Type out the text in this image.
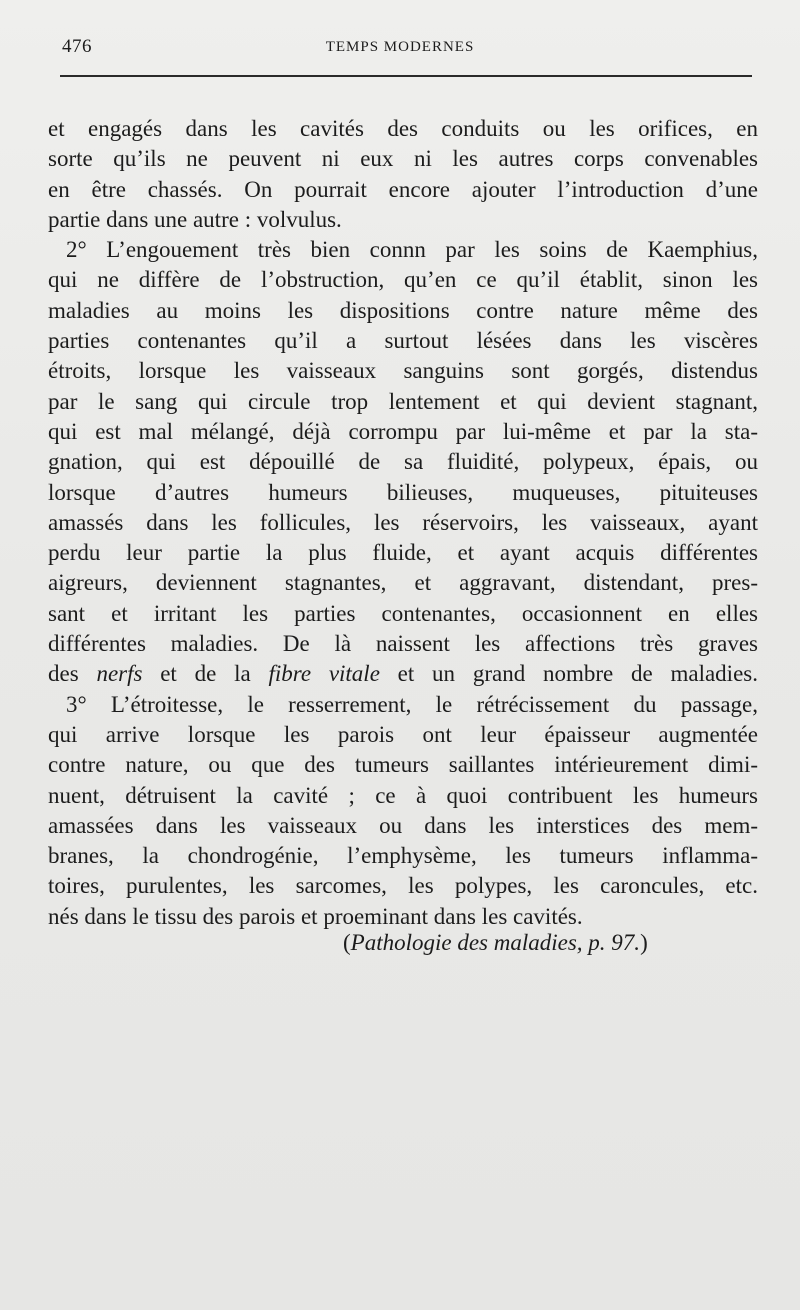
476	TEMPS MODERNES
et engagés dans les cavités des conduits ou les orifices, en
sorte qu’ils ne peuvent ni eux ni les autres corps convenables
en être chassés. On pourrait encore ajouter l’introduction d’une
partie dans une autre : volvulus.
2° L’engouement très bien connn par les soins de Kaemphius,
qui ne diffère de l’obstruction, qu’en ce qu’il établit, sinon les
maladies au moins les dispositions contre nature même des
parties contenantes qu’il a surtout lésées dans les viscères
étroits, lorsque les vaisseaux sanguins sont gorgés, distendus
par le sang qui circule trop lentement et qui devient stagnant,
qui est mal mélangé, déjà corrompu par lui-même et par la sta-
gnation, qui est dépouillé de sa fluidité, polypeux, épais, ou
lorsque d’autres humeurs bilieuses, muqueuses, pituiteuses
amassés dans les follicules, les réservoirs, les vaisseaux, ayant
perdu leur partie la plus fluide, et ayant acquis différentes
aigreurs, deviennent stagnantes, et aggravant, distendant, pres-
sant et irritant les parties contenantes, occasionnent en elles
différentes maladies. De là naissent les affections très graves
des nerfs et de la fibre vitale et un grand nombre de maladies.
3° L’étroitesse, le resserrement, le rétrécissement du passage,
qui arrive lorsque les parois ont leur épaisseur augmentée
contre nature, ou que des tumeurs saillantes intérieurement dimi-
nuent, détruisent la cavité ; ce à quoi contribuent les humeurs
amassées dans les vaisseaux ou dans les interstices des mem-
branes, la chondrogénie, l’emphysème, les tumeurs inflamma-
toires, purulentes, les sarcomes, les polypes, les caroncules, etc.
nés dans le tissu des parois et proeminant dans les cavités.
(Pathologie des maladies, p. 97.)
